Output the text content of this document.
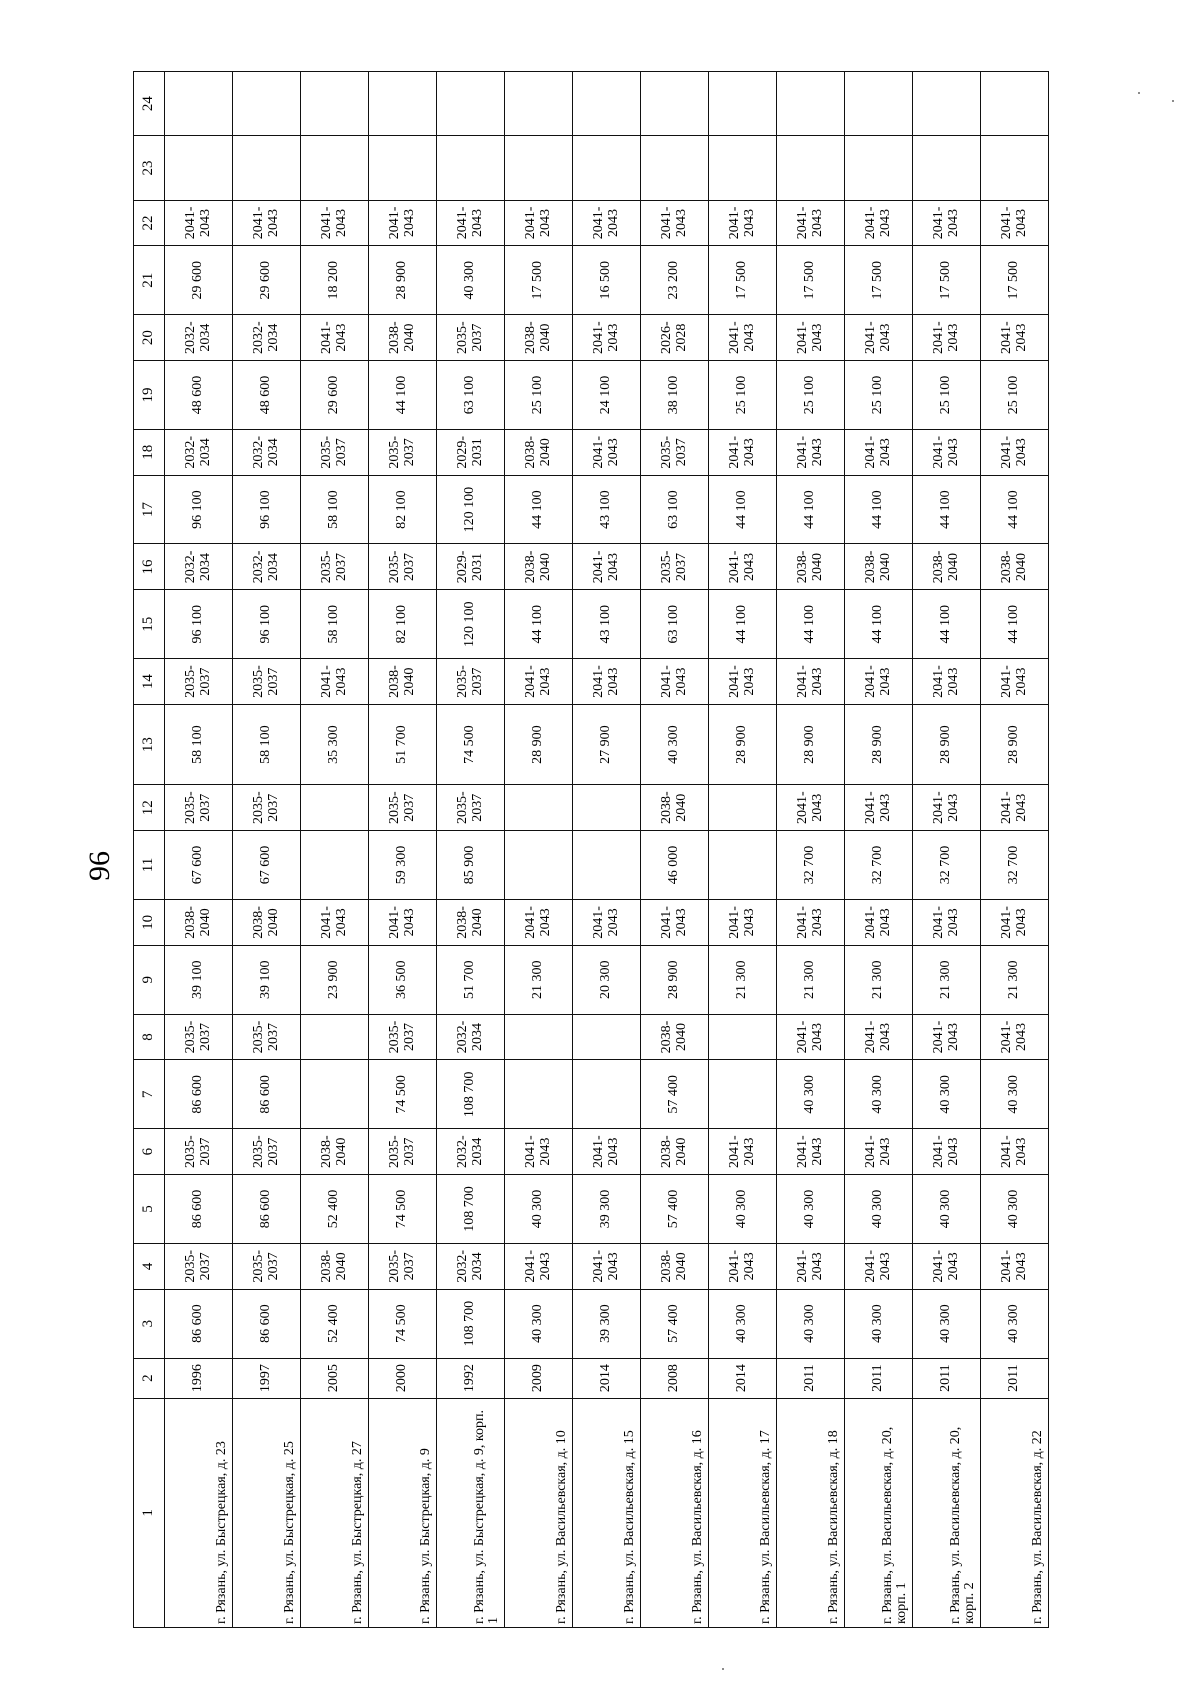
96
1	2	3	4	5	6	7	8	9	10	11	12	13	14	15	16	17	18	19	20	21	22	23	24
г. Рязань, ул. Быстрецкая, д. 23	1996	86 600	2035-2037	86 600	2035-2037	86 600	2035-2037	39 100	2038-2040	67 600	2035-2037	58 100	2035-2037	96 100	2032-2034	96 100	2032-2034	48 600	2032-2034	29 600	2041-2043		
г. Рязань, ул. Быстрецкая, д. 25	1997	86 600	2035-2037	86 600	2035-2037	86 600	2035-2037	39 100	2038-2040	67 600	2035-2037	58 100	2035-2037	96 100	2032-2034	96 100	2032-2034	48 600	2032-2034	29 600	2041-2043		
г. Рязань, ул. Быстрецкая, д. 27	2005	52 400	2038-2040	52 400	2038-2040			23 900	2041-2043			35 300	2041-2043	58 100	2035-2037	58 100	2035-2037	29 600	2041-2043	18 200	2041-2043		
г. Рязань, ул. Быстрецкая, д. 9	2000	74 500	2035-2037	74 500	2035-2037	74 500	2035-2037	36 500	2041-2043	59 300	2035-2037	51 700	2038-2040	82 100	2035-2037	82 100	2035-2037	44 100	2038-2040	28 900	2041-2043		
г. Рязань, ул. Быстрецкая, д. 9, корп. 1	1992	108 700	2032-2034	108 700	2032-2034	108 700	2032-2034	51 700	2038-2040	85 900	2035-2037	74 500	2035-2037	120 100	2029-2031	120 100	2029-2031	63 100	2035-2037	40 300	2041-2043		
г. Рязань, ул. Васильевская, д. 10	2009	40 300	2041-2043	40 300	2041-2043			21 300	2041-2043			28 900	2041-2043	44 100	2038-2040	44 100	2038-2040	25 100	2038-2040	17 500	2041-2043		
г. Рязань, ул. Васильевская, д. 15	2014	39 300	2041-2043	39 300	2041-2043			20 300	2041-2043			27 900	2041-2043	43 100	2041-2043	43 100	2041-2043	24 100	2041-2043	16 500	2041-2043		
г. Рязань, ул. Васильевская, д. 16	2008	57 400	2038-2040	57 400	2038-2040	57 400	2038-2040	28 900	2041-2043	46 000	2038-2040	40 300	2041-2043	63 100	2035-2037	63 100	2035-2037	38 100	2026-2028	23 200	2041-2043		
г. Рязань, ул. Васильевская, д. 17	2014	40 300	2041-2043	40 300	2041-2043			21 300	2041-2043			28 900	2041-2043	44 100	2041-2043	44 100	2041-2043	25 100	2041-2043	17 500	2041-2043		
г. Рязань, ул. Васильевская, д. 18	2011	40 300	2041-2043	40 300	2041-2043	40 300	2041-2043	21 300	2041-2043	32 700	2041-2043	28 900	2041-2043	44 100	2038-2040	44 100	2041-2043	25 100	2041-2043	17 500	2041-2043		
г. Рязань, ул. Васильевская, д. 20, корп. 1	2011	40 300	2041-2043	40 300	2041-2043	40 300	2041-2043	21 300	2041-2043	32 700	2041-2043	28 900	2041-2043	44 100	2038-2040	44 100	2041-2043	25 100	2041-2043	17 500	2041-2043		
г. Рязань, ул. Васильевская, д. 20, корп. 2	2011	40 300	2041-2043	40 300	2041-2043	40 300	2041-2043	21 300	2041-2043	32 700	2041-2043	28 900	2041-2043	44 100	2038-2040	44 100	2041-2043	25 100	2041-2043	17 500	2041-2043		
г. Рязань, ул. Васильевская, д. 22	2011	40 300	2041-2043	40 300	2041-2043	40 300	2041-2043	21 300	2041-2043	32 700	2041-2043	28 900	2041-2043	44 100	2038-2040	44 100	2041-2043	25 100	2041-2043	17 500	2041-2043		
